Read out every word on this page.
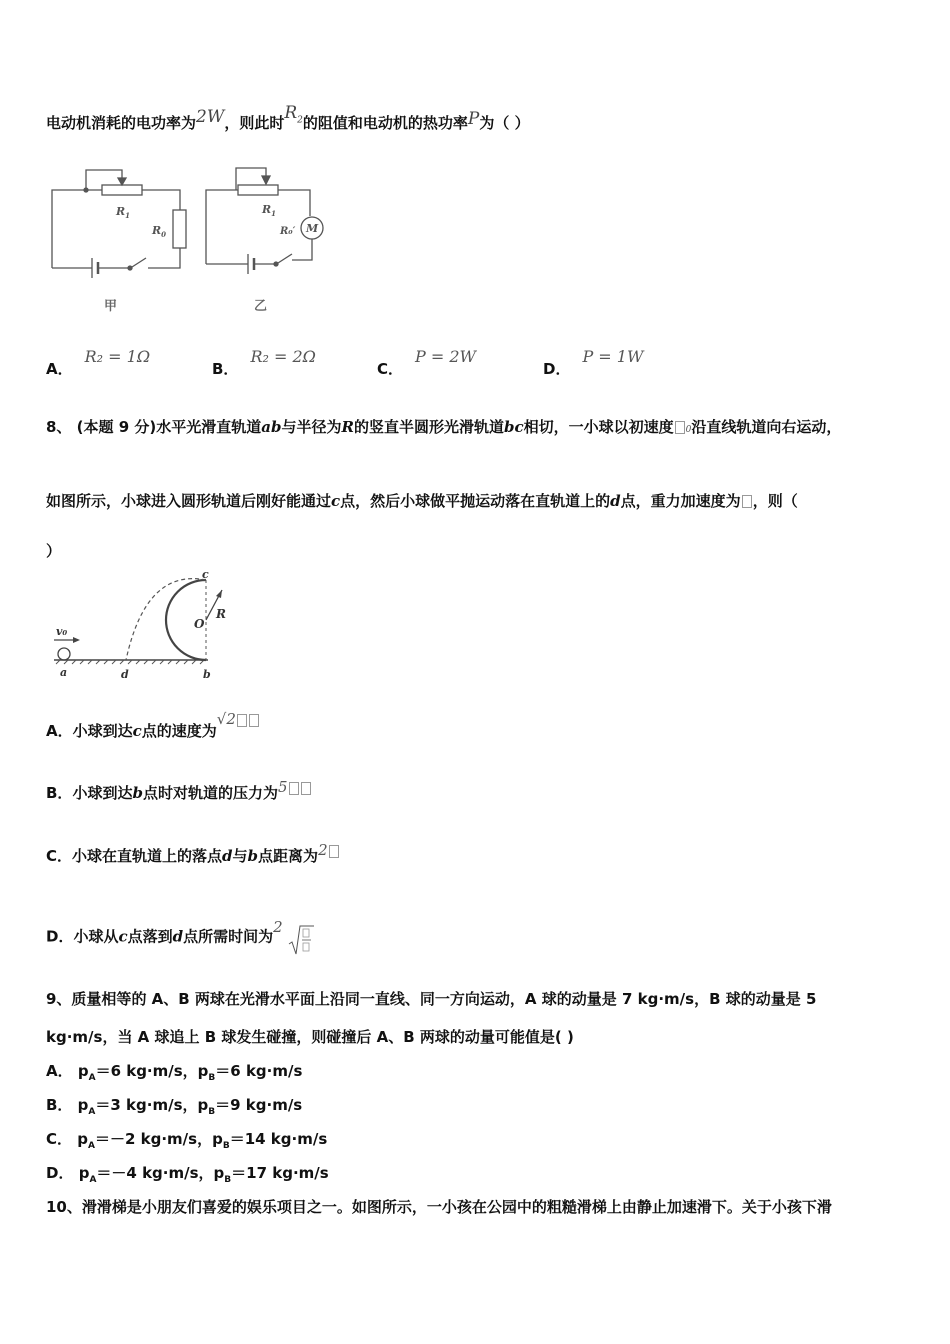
电动机消耗的电功率为2W，则此时$R_2$的阻值和电动机的热功率P为（ ）
$R_1$
$R_0$
$R_1$
R₀′ M
甲	乙
A．R₂ = 1Ω
B．R₂ = 2Ω
C．P = 2W
D．P = 1W
8、 (本题 9 分)水平光滑直轨道ab与半径为R的竖直半圆形光滑轨道bc相切，一小球以初速度 0沿直线轨道向右运动，
如图所示，小球进入圆形轨道后刚好能通过c点，然后小球做平抛运动落在直轨道上的d点，重力加速度为 ，则（
）
v₀
a	d	b
c
O
R
A．小球到达c点的速度为√2
B．小球到达b点时对轨道的压力为5
C．小球在直轨道上的落点d与b点距离为2
D．小球从c点落到d点所需时间为2
9、质量相等的 A、B 两球在光滑水平面上沿同一直线、同一方向运动，A 球的动量是 7 kg·m/s，B 球的动量是 5
kg·m/s，当 A 球追上 B 球发生碰撞，则碰撞后 A、B 两球的动量可能值是( )
A． $p_A=6$ kg·m/s，$p_B=6$ kg·m/s
B． $p_A=3$ kg·m/s，$p_B=9$ kg·m/s
C． $p_A=-2$ kg·m/s，$p_B=14$ kg·m/s
D． $p_A=-4$ kg·m/s，$p_B=17$ kg·m/s
10、滑滑梯是小朋友们喜爱的娱乐项目之一。如图所示，一小孩在公园中的粗糙滑梯上由静止加速滑下。关于小孩下滑
